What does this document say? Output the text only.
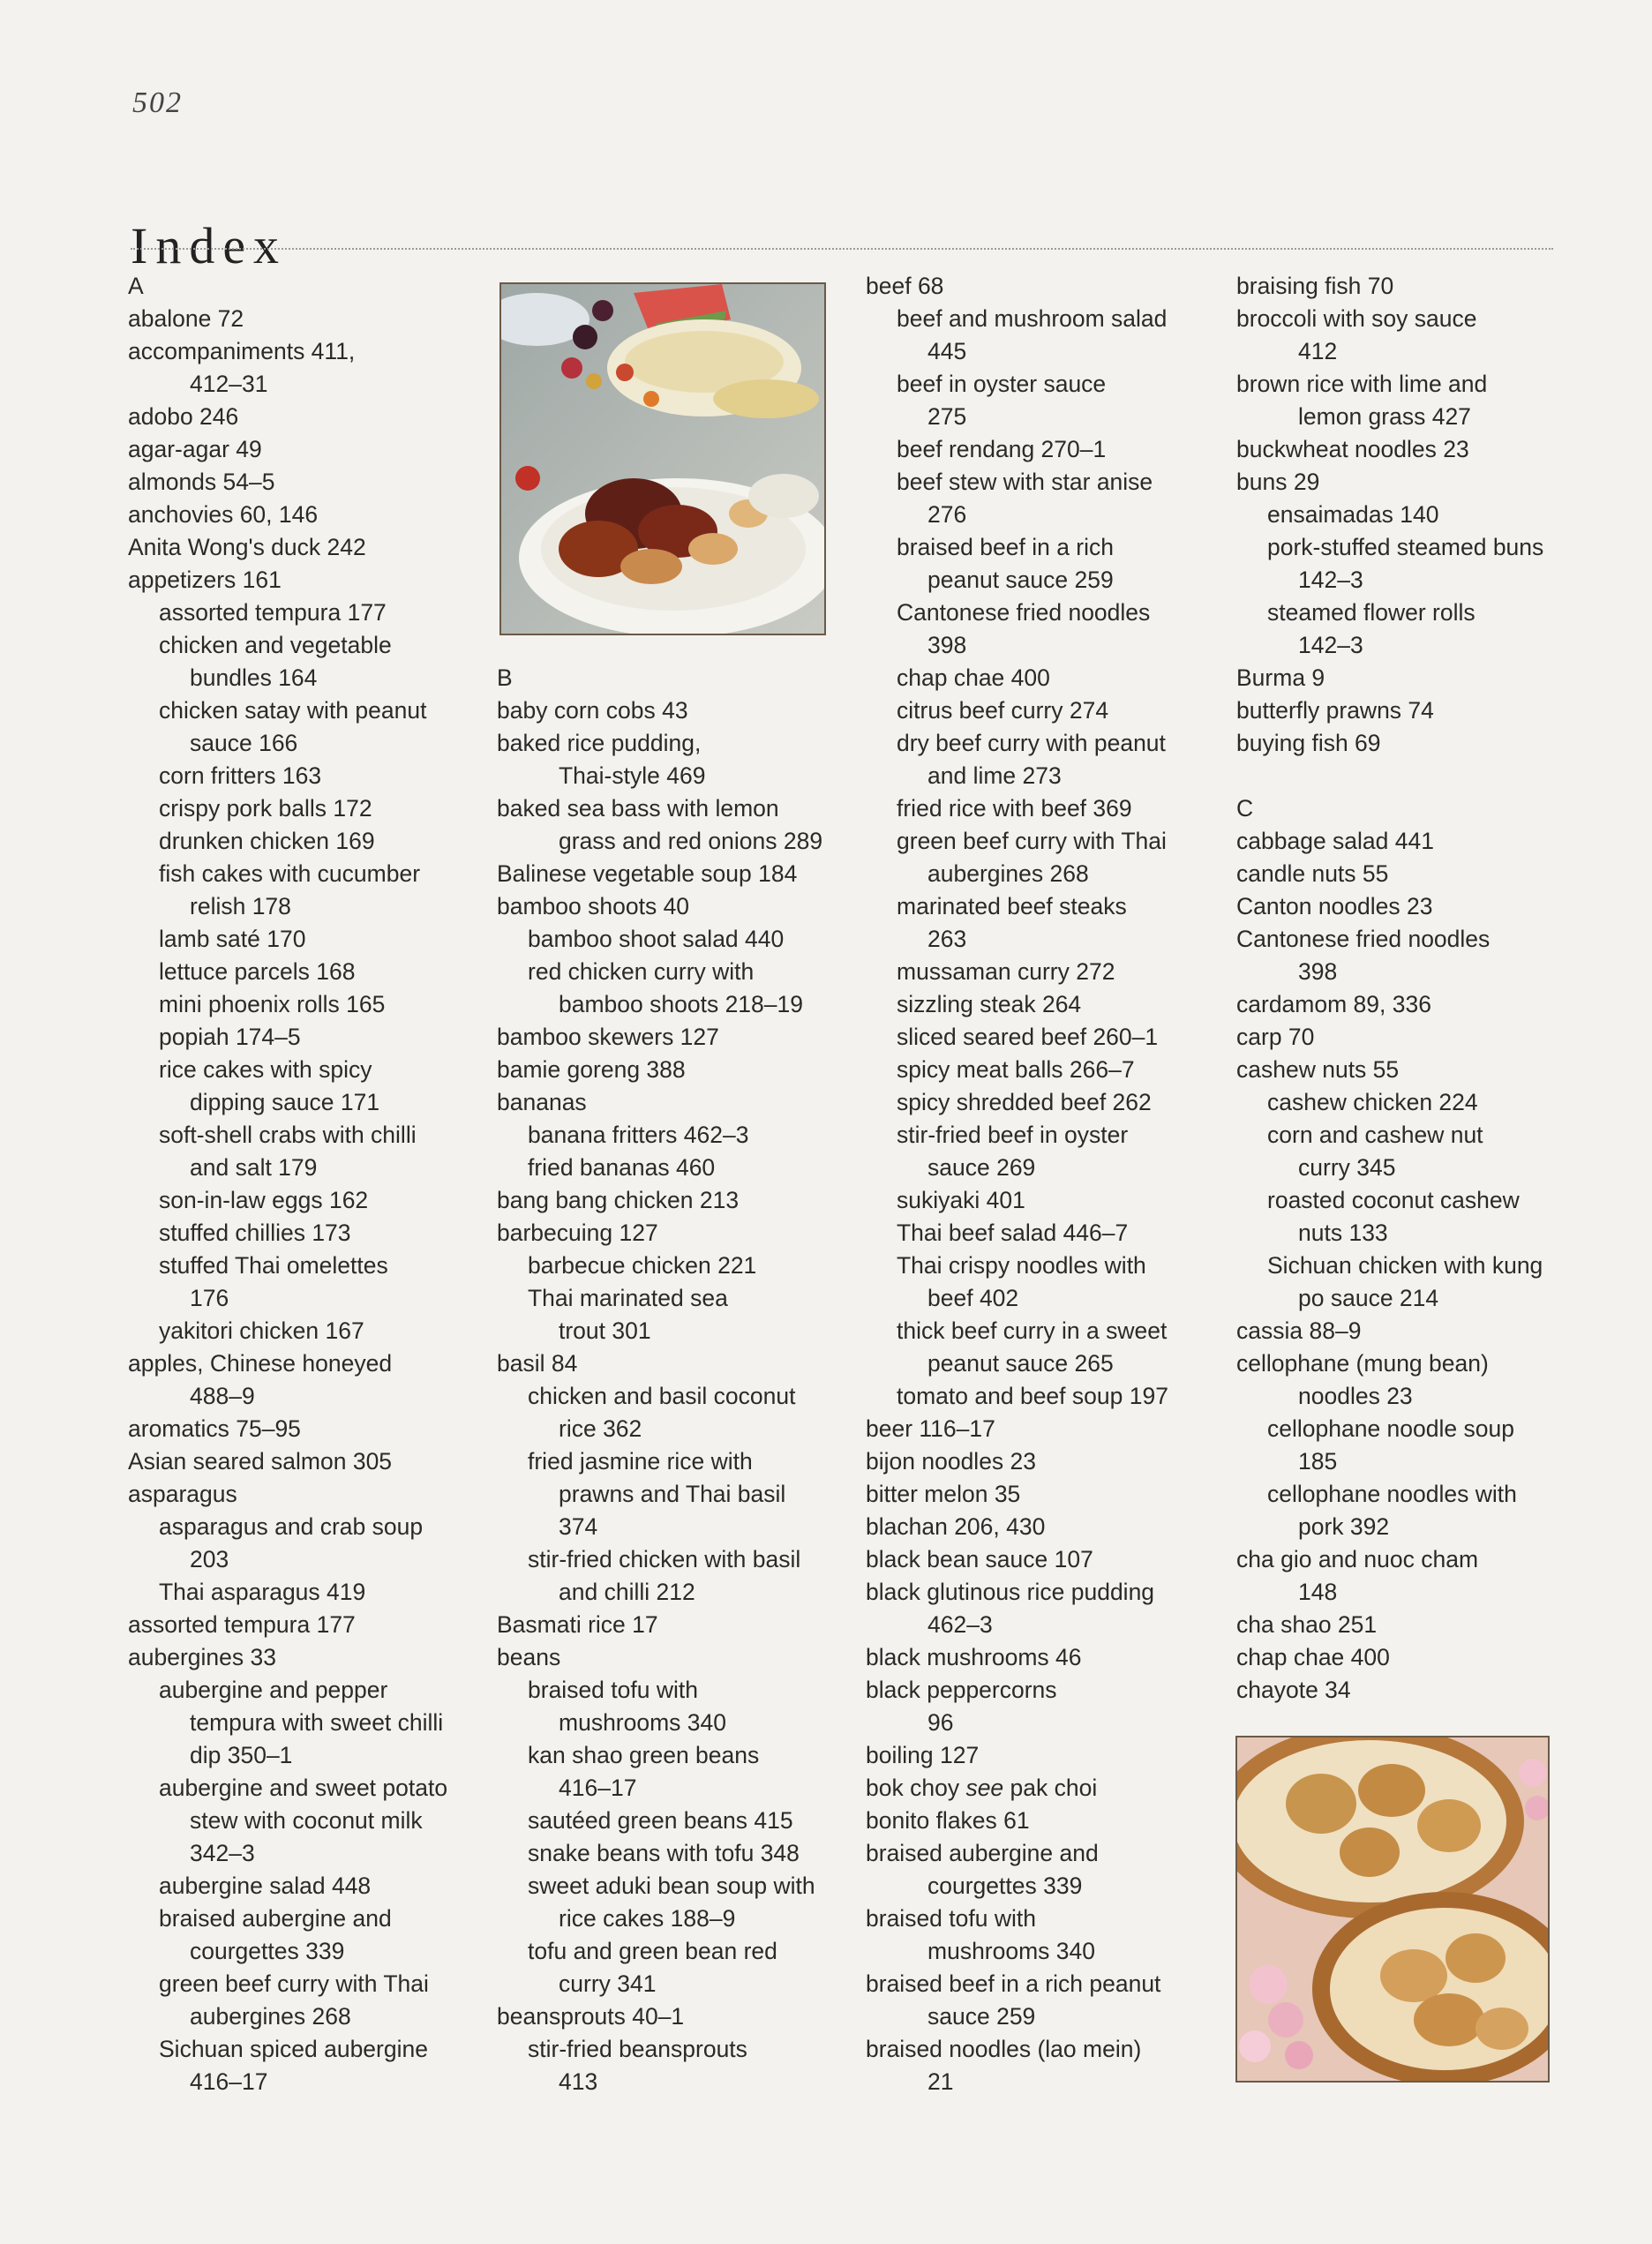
502
Index
A
abalone 72
accompaniments 411,
412–31
adobo 246
agar-agar 49
almonds 54–5
anchovies 60, 146
Anita Wong's duck 242
appetizers 161
assorted tempura 177
chicken and vegetable
bundles 164
chicken satay with peanut
sauce 166
corn fritters 163
crispy pork balls 172
drunken chicken 169
fish cakes with cucumber
relish 178
lamb saté 170
lettuce parcels 168
mini phoenix rolls 165
popiah 174–5
rice cakes with spicy
dipping sauce 171
soft-shell crabs with chilli
and salt 179
son-in-law eggs 162
stuffed chillies 173
stuffed Thai omelettes
176
yakitori chicken 167
apples, Chinese honeyed
488–9
aromatics 75–95
Asian seared salmon 305
asparagus
asparagus and crab soup
203
Thai asparagus 419
assorted tempura 177
aubergines 33
aubergine and pepper
tempura with sweet chilli
dip 350–1
aubergine and sweet potato
stew with coconut milk
342–3
aubergine salad 448
braised aubergine and
courgettes 339
green beef curry with Thai
aubergines 268
Sichuan spiced aubergine
416–17
B
baby corn cobs 43
baked rice pudding,
Thai-style 469
baked sea bass with lemon
grass and red onions 289
Balinese vegetable soup 184
bamboo shoots 40
bamboo shoot salad 440
red chicken curry with
bamboo shoots 218–19
bamboo skewers 127
bamie goreng 388
bananas
banana fritters 462–3
fried bananas 460
bang bang chicken 213
barbecuing 127
barbecue chicken 221
Thai marinated sea
trout 301
basil 84
chicken and basil coconut
rice 362
fried jasmine rice with
prawns and Thai basil
374
stir-fried chicken with basil
and chilli 212
Basmati rice 17
beans
braised tofu with
mushrooms 340
kan shao green beans
416–17
sautéed green beans 415
snake beans with tofu 348
sweet aduki bean soup with
rice cakes 188–9
tofu and green bean red
curry 341
beansprouts 40–1
stir-fried beansprouts
413
beef 68
beef and mushroom salad
445
beef in oyster sauce
275
beef rendang 270–1
beef stew with star anise
276
braised beef in a rich
peanut sauce 259
Cantonese fried noodles
398
chap chae 400
citrus beef curry 274
dry beef curry with peanut
and lime 273
fried rice with beef 369
green beef curry with Thai
aubergines 268
marinated beef steaks
263
mussaman curry 272
sizzling steak 264
sliced seared beef 260–1
spicy meat balls 266–7
spicy shredded beef 262
stir-fried beef in oyster
sauce 269
sukiyaki 401
Thai beef salad 446–7
Thai crispy noodles with
beef 402
thick beef curry in a sweet
peanut sauce 265
tomato and beef soup 197
beer 116–17
bijon noodles 23
bitter melon 35
blachan 206, 430
black bean sauce 107
black glutinous rice pudding
462–3
black mushrooms 46
black peppercorns
96
boiling 127
bok choy see pak choi
bonito flakes 61
braised aubergine and
courgettes 339
braised tofu with
mushrooms 340
braised beef in a rich peanut
sauce 259
braised noodles (lao mein)
21
braising fish 70
broccoli with soy sauce
412
brown rice with lime and
lemon grass 427
buckwheat noodles 23
buns 29
ensaimadas 140
pork-stuffed steamed buns
142–3
steamed flower rolls
142–3
Burma 9
butterfly prawns 74
buying fish 69
C
cabbage salad 441
candle nuts 55
Canton noodles 23
Cantonese fried noodles
398
cardamom 89, 336
carp 70
cashew nuts 55
cashew chicken 224
corn and cashew nut
curry 345
roasted coconut cashew
nuts 133
Sichuan chicken with kung
po sauce 214
cassia 88–9
cellophane (mung bean)
noodles 23
cellophane noodle soup
185
cellophane noodles with
pork 392
cha gio and nuoc cham
148
cha shao 251
chap chae 400
chayote 34
